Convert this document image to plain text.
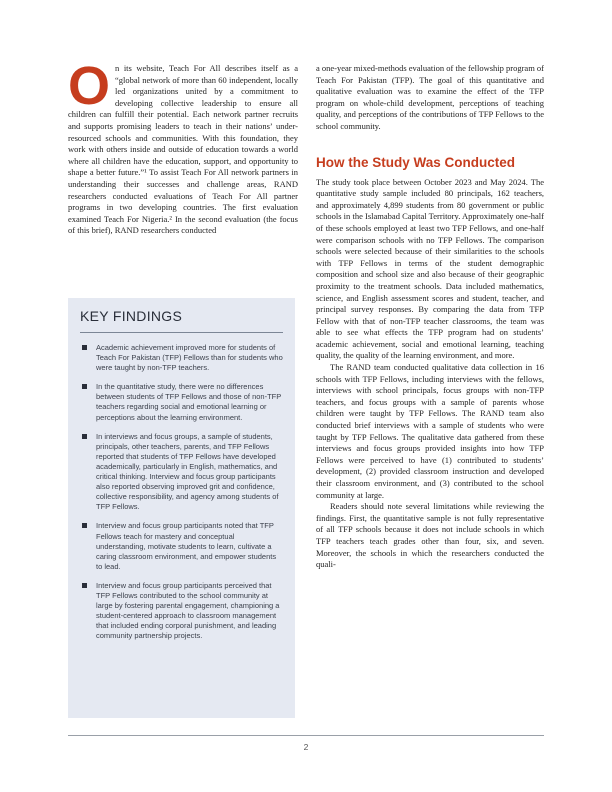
On its website, Teach For All describes itself as a “global network of more than 60 independent, locally led organizations united by a commitment to developing collective leadership to ensure all children can fulfill their potential. Each network partner recruits and supports promising leaders to teach in their nations’ under-resourced schools and communities. With this foundation, they work with others inside and outside of education towards a world where all children have the education, support, and opportunity to shape a better future.”¹ To assist Teach For All network partners in understanding their successes and challenge areas, RAND researchers conducted evaluations of Teach For All partner programs in two developing countries. The first evaluation examined Teach For Nigeria.² In the second evaluation (the focus of this brief), RAND researchers conducted

KEY FINDINGS
Academic achievement improved more for students of Teach For Pakistan (TFP) Fellows than for students who were taught by non-TFP teachers.
In the quantitative study, there were no differences between students of TFP Fellows and those of non-TFP teachers regarding social and emotional learning or perceptions about the learning environment.
In interviews and focus groups, a sample of students, principals, other teachers, parents, and TFP Fellows reported that students of TFP Fellows have developed academically, particularly in English, mathematics, and critical thinking. Interview and focus group participants also reported observing improved grit and confidence, collective responsibility, and agency among students of TFP Fellows.
Interview and focus group participants noted that TFP Fellows teach for mastery and conceptual understanding, motivate students to learn, cultivate a caring classroom environment, and empower students to lead.
Interview and focus group participants perceived that TFP Fellows contributed to the school community at large by fostering parental engagement, championing a student-centered approach to classroom management that included ending corporal punishment, and leading community partnership projects.

a one-year mixed-methods evaluation of the fellowship program of Teach For Pakistan (TFP). The goal of this quantitative and qualitative evaluation was to examine the effect of the TFP program on whole-child development, perceptions of teaching quality, and perceptions of the contributions of TFP Fellows to the school community.

How the Study Was Conducted

The study took place between October 2023 and May 2024. The quantitative study sample included 80 principals, 162 teachers, and approximately 4,899 students from 80 government or public schools in the Islamabad Capital Territory. Approximately one-half of these schools employed at least two TFP Fellows, and one-half were comparison schools with no TFP Fellows. The comparison schools were selected because of their similarities to the schools with TFP Fellows in terms of the student demographic composition and school size and also because of their geographic proximity to the treatment schools. Data included mathematics, science, and English assessment scores and student, teacher, and principal survey responses. By comparing the data from TFP Fellow with that of non-TFP teacher classrooms, the team was able to see what effects the TFP program had on students’ academic achievement, social and emotional learning, teaching quality, the quality of the learning environment, and more.

The RAND team conducted qualitative data collection in 16 schools with TFP Fellows, including interviews with the fellows, interviews with school principals, focus groups with non-TFP teachers, and focus groups with a sample of parents whose children were taught by TFP Fellows. The RAND team also conducted brief interviews with a sample of students who were taught by TFP Fellows. The qualitative data gathered from these interviews and focus groups provided insights into how TFP Fellows were perceived to have (1) contributed to students’ development, (2) provided classroom instruction and developed their classroom environment, and (3) contributed to the school community at large.

Readers should note several limitations while reviewing the findings. First, the quantitative sample is not fully representative of all TFP schools because it does not include schools in which TFP teachers teach grades other than four, six, and seven. Moreover, the schools in which the researchers conducted the quali-

2
